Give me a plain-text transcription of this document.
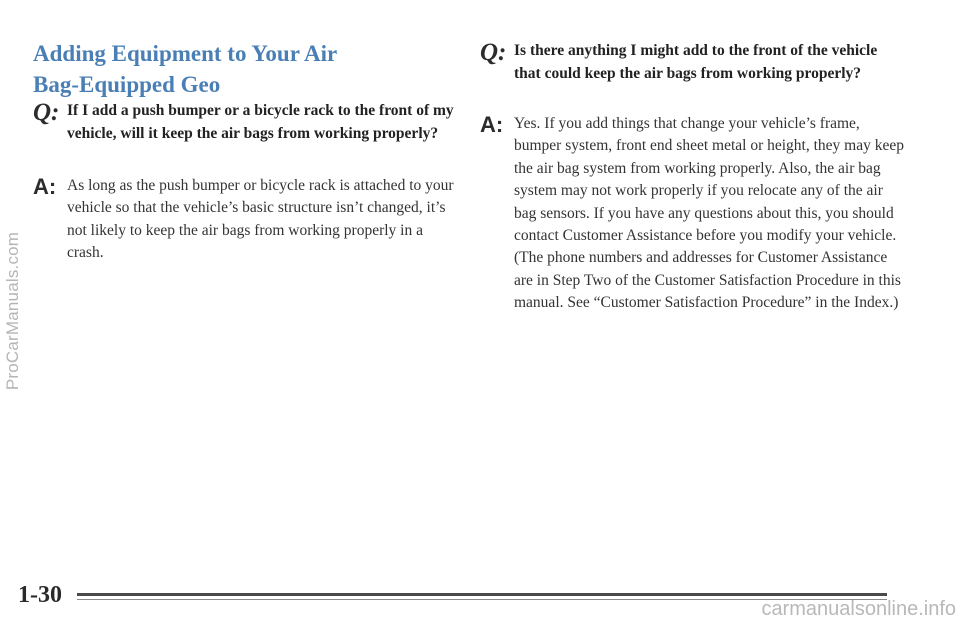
ProCarManuals.com
Adding Equipment to Your Air
Bag-Equipped Geo
Q: If I add a push bumper or a bicycle rack to the front of my vehicle, will it keep the air bags from working properly?

A: As long as the push bumper or bicycle rack is attached to your vehicle so that the vehicle’s basic structure isn’t changed, it’s not likely to keep the air bags from working properly in a crash.

Q: Is there anything I might add to the front of the vehicle that could keep the air bags from working properly?

A: Yes. If you add things that change your vehicle’s frame, bumper system, front end sheet metal or height, they may keep the air bag system from working properly. Also, the air bag system may not work properly if you relocate any of the air bag sensors. If you have any questions about this, you should contact Customer Assistance before you modify your vehicle. (The phone numbers and addresses for Customer Assistance are in Step Two of the Customer Satisfaction Procedure in this manual. See “Customer Satisfaction Procedure” in the Index.)

1-30
carmanualsonline.info
